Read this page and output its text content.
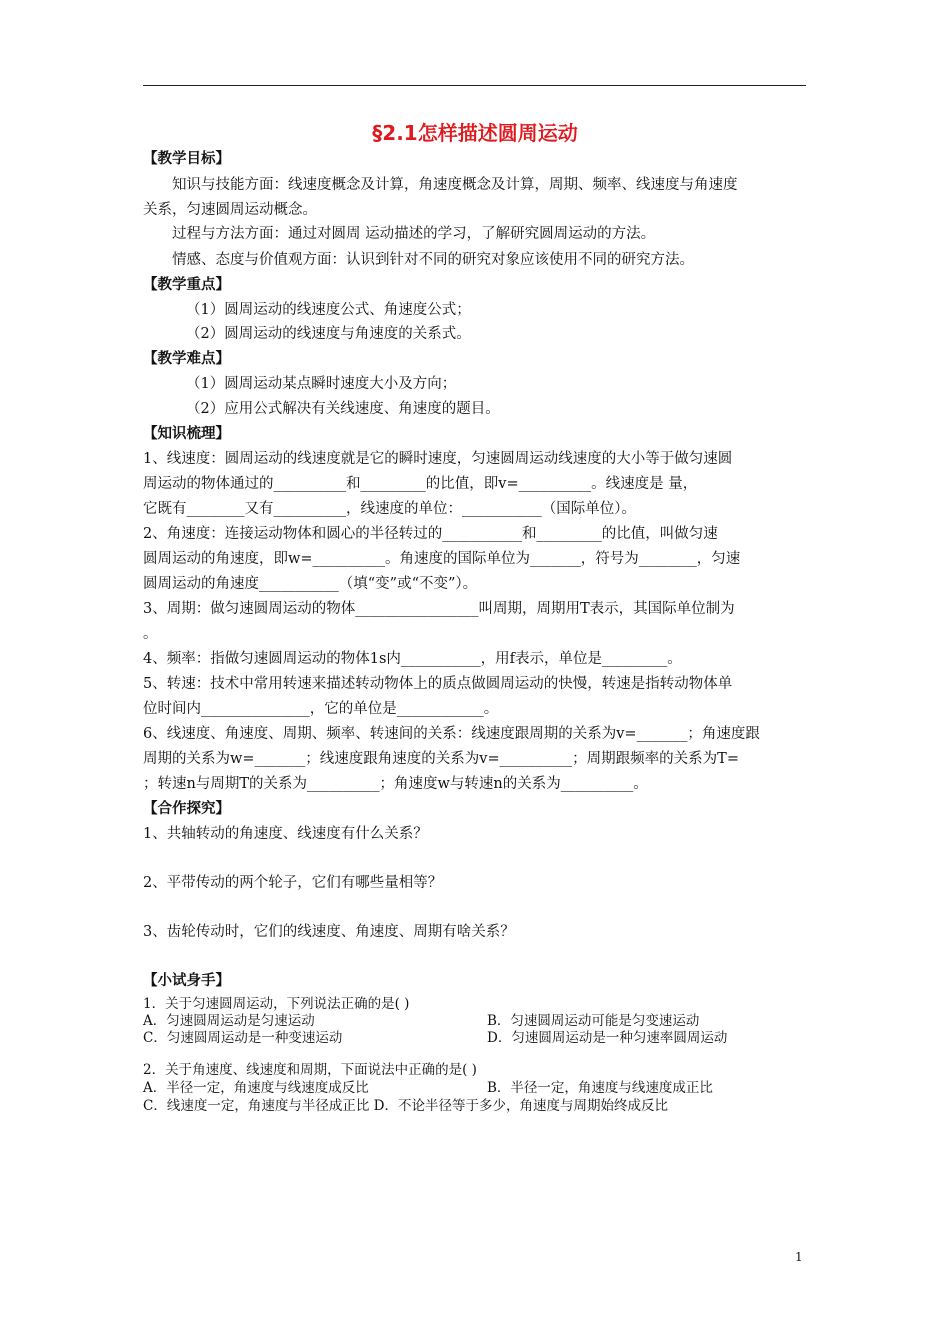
§2.1怎样描述圆周运动
【教学目标】
知识与技能方面：线速度概念及计算，角速度概念及计算，周期、频率、线速度与角速度
关系，匀速圆周运动概念。
过程与方法方面：通过对圆周 运动描述的学习，了解研究圆周运动的方法。
情感、态度与价值观方面：认识到针对不同的研究对象应该使用不同的研究方法。
【教学重点】
（1）圆周运动的线速度公式、角速度公式；
（2）圆周运动的线速度与角速度的关系式。
【教学难点】
（1）圆周运动某点瞬时速度大小及方向；
（2）应用公式解决有关线速度、角速度的题目。
【知识梳理】
1、线速度：圆周运动的线速度就是它的瞬时速度，匀速圆周运动线速度的大小等于做匀速圆
周运动的物体通过的__________和_________的比值，即v=__________。线速度是 量，
它既有________又有__________，线速度的单位：___________（国际单位）。
2、角速度：连接运动物体和圆心的半径转过的___________和_________的比值，叫做匀速
圆周运动的角速度，即w=__________。角速度的国际单位为_______，符号为________，匀速
圆周运动的角速度___________（填“变”或“不变”）。
3、周期：做匀速圆周运动的物体_________________叫周期，周期用T表示，其国际单位制为
。
4、频率：指做匀速圆周运动的物体1s内___________，用f表示，单位是_________。
5、转速：技术中常用转速来描述转动物体上的质点做圆周运动的快慢，转速是指转动物体单
位时间内_______________，它的单位是____________。
6、线速度、角速度、周期、频率、转速间的关系：线速度跟周期的关系为v=_______；角速度跟
周期的关系为w=_______；线速度跟角速度的关系为v=__________；周期跟频率的关系为T=
；转速n与周期T的关系为__________；角速度w与转速n的关系为__________。
【合作探究】
1、共轴转动的角速度、线速度有什么关系？
2、平带传动的两个轮子，它们有哪些量相等？
3、齿轮传动时，它们的线速度、角速度、周期有啥关系？
【小试身手】
1．关于匀速圆周运动，下列说法正确的是( )
A．匀速圆周运动是匀速运动	B．匀速圆周运动可能是匀变速运动
C．匀速圆周运动是一种变速运动	D．匀速圆周运动是一种匀速率圆周运动
2．关于角速度、线速度和周期，下面说法中正确的是( )
A．半径一定，角速度与线速度成反比	B．半径一定，角速度与线速度成正比
C．线速度一定，角速度与半径成正比 D．不论半径等于多少，角速度与周期始终成反比
1
